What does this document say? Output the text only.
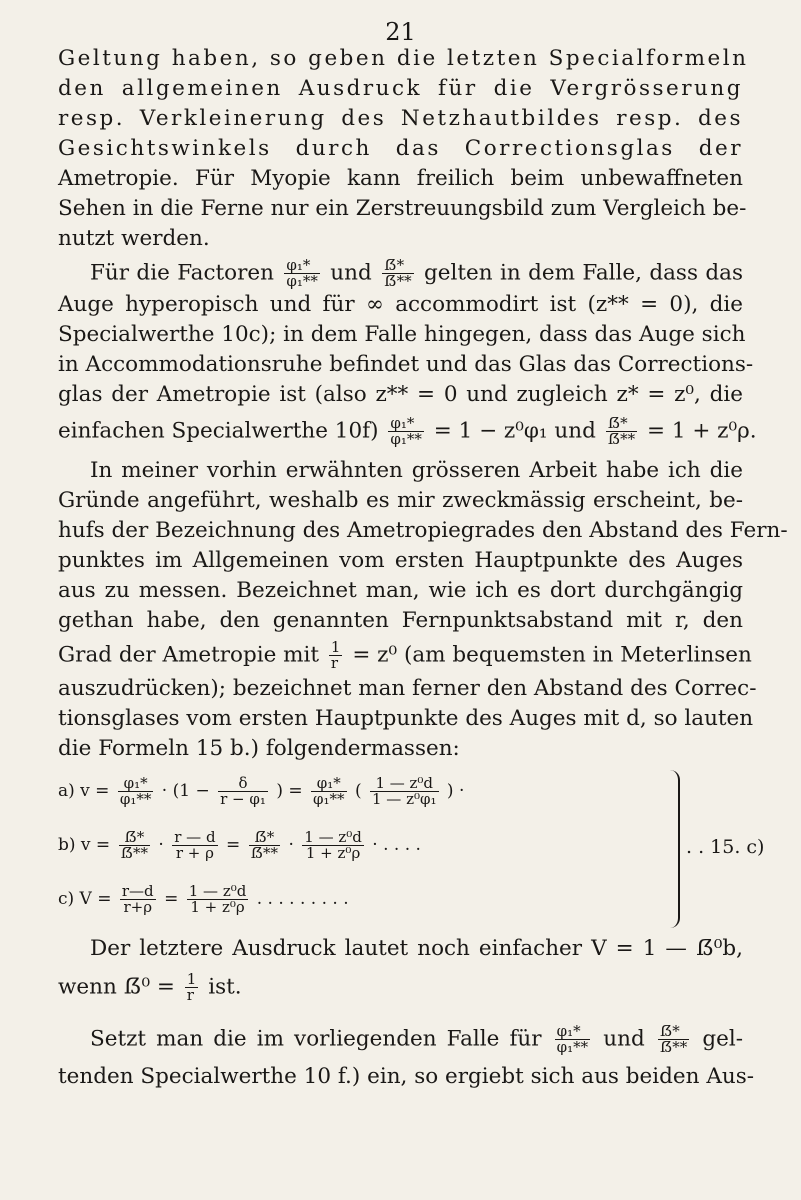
21
Geltung haben, so geben die letzten Specialformeln
den allgemeinen Ausdruck für die Vergrösserung
resp. Verkleinerung des Netzhautbildes resp. des
Gesichtswinkels durch das Correctionsglas der
Ametropie. Für Myopie kann freilich beim unbewaffneten
Sehen in die Ferne nur ein Zerstreuungsbild zum Vergleich be-
nutzt werden.
Für die Factoren $\frac{\text{φ₁*}}{\text{φ₁**}}$ und $\frac{\text{ẞ*}}{\text{ẞ**}}$ gelten in dem Falle, dass das
Auge hyperopisch und für ∞ accommodirt ist (z** = 0), die
Specialwerthe 10c); in dem Falle hingegen, dass das Auge sich
in Accommodationsruhe befindet und das Glas das Corrections-
glas der Ametropie ist (also z** = 0 und zugleich z* = z⁰, die
einfachen Specialwerthe $10f) \frac{\text{φ₁*}}{\text{φ₁**}} = 1 - z^0\varphi_1$ und $\frac{\text{ẞ*}}{\text{ẞ**}} = 1 + z^0\rho$.
In meiner vorhin erwähnten grösseren Arbeit habe ich die
Gründe angeführt, weshalb es mir zweckmässig erscheint, be-
hufs der Bezeichnung des Ametropiegrades den Abstand des Fern-
punktes im Allgemeinen vom ersten Hauptpunkte des Auges
aus zu messen. Bezeichnet man, wie ich es dort durchgängig
gethan habe, den genannten Fernpunktsabstand mit r, den
Grad der Ametropie mit $\frac{1}{r} = z^0$ (am bequemsten in Meterlinsen
auszudrücken); bezeichnet man ferner den Abstand des Correc-
tionsglases vom ersten Hauptpunkte des Auges mit d, so lauten
die Formeln 15 b.) folgendermassen:
a) $v = \frac{\text{φ₁*}}{\text{φ₁**}} \cdot (1 - \frac{\delta}{\text{r − φ₁}}$ ) = $\frac{\text{φ₁*}}{\text{φ₁**}}$ ( $\frac{\text{1 — z⁰d}}{\text{1 — z⁰φ₁}}$ ) ·
b) $v = \frac{\text{ẞ*}}{\text{ẞ**}} \cdot \frac{r — d}{r + \rho} = \frac{\text{ẞ*}}{\text{ẞ**}} \cdot \frac{\text{1 — z⁰d}}{\text{1 + z⁰ρ}}$ · . . . .
c) $V = \frac{r—d}{r+\rho} = \frac{\text{1 — z⁰d}}{\text{1 + z⁰ρ}}$ . . . . . . . . .
. . 15. c)
Der letztere Ausdruck lautet noch einfacher V = 1 — ẞ⁰b,
wenn ẞ⁰ = $\frac{1}{r}$ ist.
Setzt man die im vorliegenden Falle für $\frac{\text{φ₁*}}{\text{φ₁**}}$ und $\frac{\text{ẞ*}}{\text{ẞ**}} gel-$
tenden Specialwerthe 10 f.) ein, so ergiebt sich aus beiden Aus-
